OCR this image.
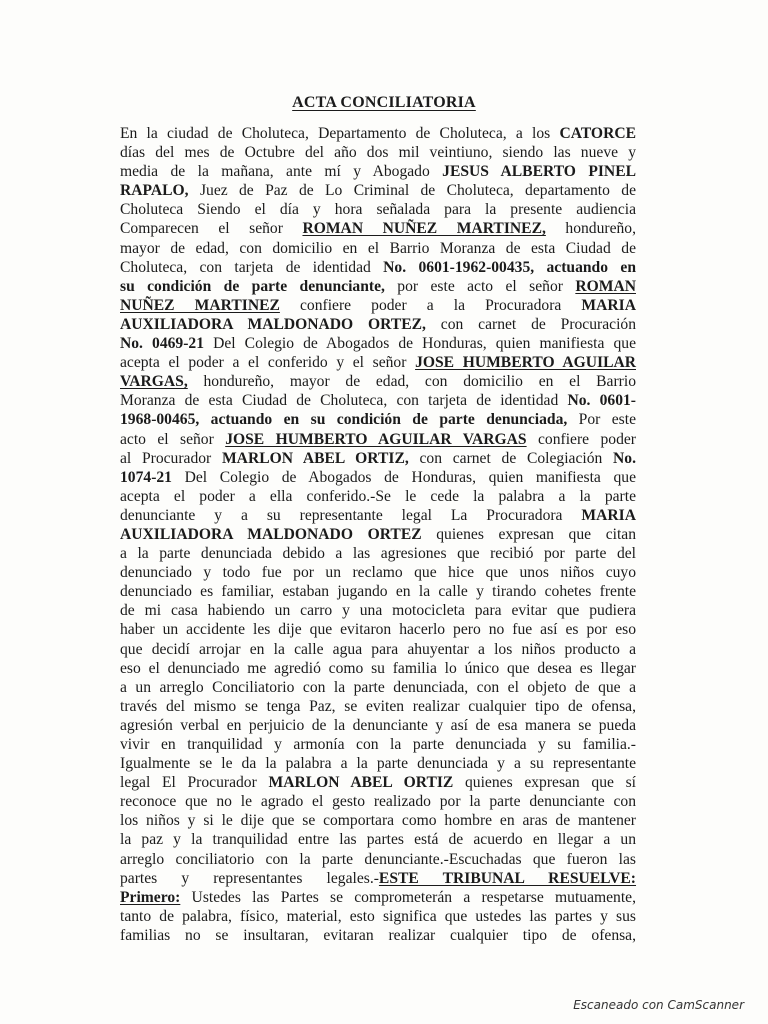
ACTA CONCILIATORIA
En la ciudad de Choluteca, Departamento de Choluteca, a los CATORCE
días del mes de Octubre del año dos mil veintiuno, siendo las nueve y
media de la mañana, ante mí y Abogado JESUS ALBERTO PINEL
RAPALO, Juez de Paz de Lo Criminal de Choluteca, departamento de
Choluteca Siendo el día y hora señalada para la presente audiencia
Comparecen el señor ROMAN NUÑEZ MARTINEZ, hondureño,
mayor de edad, con domicilio en el Barrio Moranza de esta Ciudad de
Choluteca, con tarjeta de identidad No. 0601-1962-00435, actuando en
su condición de parte denunciante, por este acto el señor ROMAN
NUÑEZ MARTINEZ confiere poder a la Procuradora MARIA
AUXILIADORA MALDONADO ORTEZ, con carnet de Procuración
No. 0469-21 Del Colegio de Abogados de Honduras, quien manifiesta que
acepta el poder a el conferido y el señor JOSE HUMBERTO AGUILAR
VARGAS, hondureño, mayor de edad, con domicilio en el Barrio
Moranza de esta Ciudad de Choluteca, con tarjeta de identidad No. 0601-
1968-00465, actuando en su condición de parte denunciada, Por este
acto el señor JOSE HUMBERTO AGUILAR VARGAS confiere poder
al Procurador MARLON ABEL ORTIZ, con carnet de Colegiación No.
1074-21 Del Colegio de Abogados de Honduras, quien manifiesta que
acepta el poder a ella conferido.-Se le cede la palabra a la parte
denunciante y a su representante legal La Procuradora MARIA
AUXILIADORA MALDONADO ORTEZ quienes expresan que citan
a la parte denunciada debido a las agresiones que recibió por parte del
denunciado y todo fue por un reclamo que hice que unos niños cuyo
denunciado es familiar, estaban jugando en la calle y tirando cohetes frente
de mi casa habiendo un carro y una motocicleta para evitar que pudiera
haber un accidente les dije que evitaron hacerlo pero no fue así es por eso
que decidí arrojar en la calle agua para ahuyentar a los niños producto a
eso el denunciado me agredió como su familia lo único que desea es llegar
a un arreglo Conciliatorio con la parte denunciada, con el objeto de que a
través del mismo se tenga Paz, se eviten realizar cualquier tipo de ofensa,
agresión verbal en perjuicio de la denunciante y así de esa manera se pueda
vivir en tranquilidad y armonía con la parte denunciada y su familia.-
Igualmente se le da la palabra a la parte denunciada y a su representante
legal El Procurador MARLON ABEL ORTIZ quienes expresan que sí
reconoce que no le agrado el gesto realizado por la parte denunciante con
los niños y si le dije que se comportara como hombre en aras de mantener
la paz y la tranquilidad entre las partes está de acuerdo en llegar a un
arreglo conciliatorio con la parte denunciante.-Escuchadas que fueron las
partes y representantes legales.-ESTE TRIBUNAL RESUELVE:
Primero: Ustedes las Partes se comprometerán a respetarse mutuamente,
tanto de palabra, físico, material, esto significa que ustedes las partes y sus
familias no se insultaran, evitaran realizar cualquier tipo de ofensa,
Escaneado con CamScanner
